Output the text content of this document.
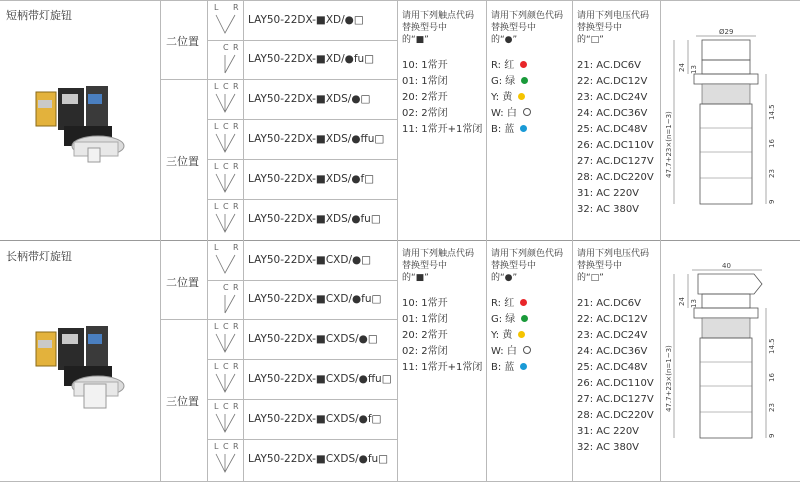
短柄带灯旋钮
二位置
三位置
L R
C R
L C R
L C R
L C R
L C R
LAY50-22DX-■XD/●□
LAY50-22DX-■XD/●fu□
LAY50-22DX-■XDS/●□
LAY50-22DX-■XDS/●ffu□
LAY50-22DX-■XDS/●f□
LAY50-22DX-■XDS/●fu□
请用下列触点代码
替换型号中
的“■”
10: 1常开
01: 1常闭
20: 2常开
02: 2常闭
11: 1常开+1常闭
请用下列颜色代码
替换型号中
的“●”
R: 红
G: 绿
Y: 黄
W: 白
B: 蓝
请用下列电压代码
替换型号中
的“□”
21: AC.DC6V
22: AC.DC12V
23: AC.DC24V
24: AC.DC36V
25: AC.DC48V
26: AC.DC110V
27: AC.DC127V
28: AC.DC220V
31: AC 220V
32: AC 380V
Ø29
24 13
14.5
16
23
9
47.7+23×(n=1~3)
长柄带灯旋钮
二位置
三位置
L R
C R
L C R
L C R
L C R
L C R
LAY50-22DX-■CXD/●□
LAY50-22DX-■CXD/●fu□
LAY50-22DX-■CXDS/●□
LAY50-22DX-■CXDS/●ffu□
LAY50-22DX-■CXDS/●f□
LAY50-22DX-■CXDS/●fu□
请用下列触点代码
替换型号中
的“■”
10: 1常开
01: 1常闭
20: 2常开
02: 2常闭
11: 1常开+1常闭
请用下列颜色代码
替换型号中
的“●”
R: 红
G: 绿
Y: 黄
W: 白
B: 蓝
请用下列电压代码
替换型号中
的“□”
21: AC.DC6V
22: AC.DC12V
23: AC.DC24V
24: AC.DC36V
25: AC.DC48V
26: AC.DC110V
27: AC.DC127V
28: AC.DC220V
31: AC 220V
32: AC 380V
40
24 13
14.5
16
23
9
47.7+23×(n=1~3)
